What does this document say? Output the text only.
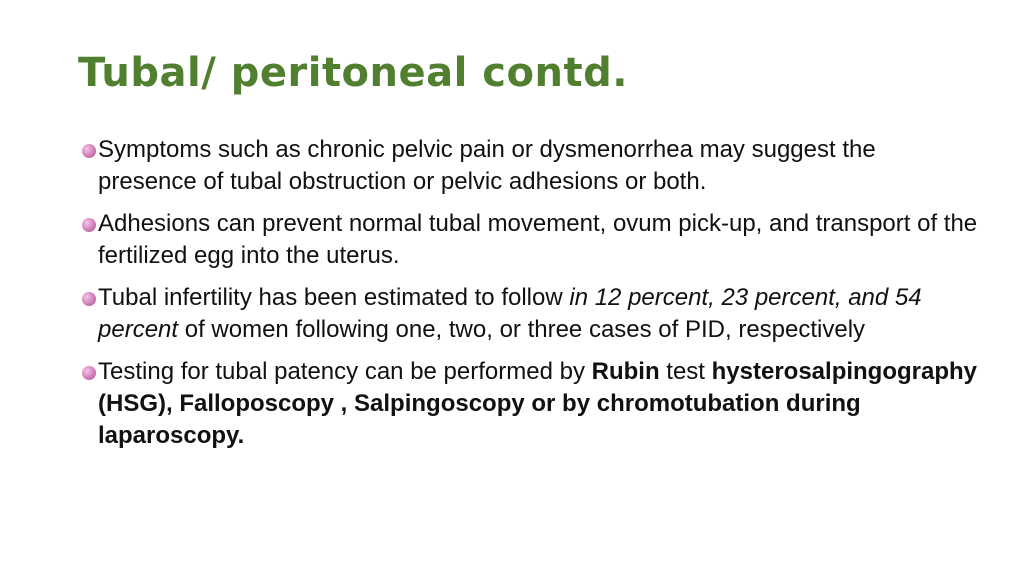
Tubal/ peritoneal contd.
Symptoms such as chronic pelvic pain or dysmenorrhea may suggest the presence of tubal obstruction or pelvic adhesions or both.
Adhesions can prevent normal tubal movement, ovum pick-up, and transport of the fertilized egg into the uterus.
Tubal infertility has been estimated to follow in 12 percent, 23 percent, and 54 percent of women following one, two, or three cases of PID, respectively
Testing for tubal patency can be performed by Rubin test hysterosalpingography (HSG), Falloposcopy , Salpingoscopy or by chromotubation during laparoscopy.
